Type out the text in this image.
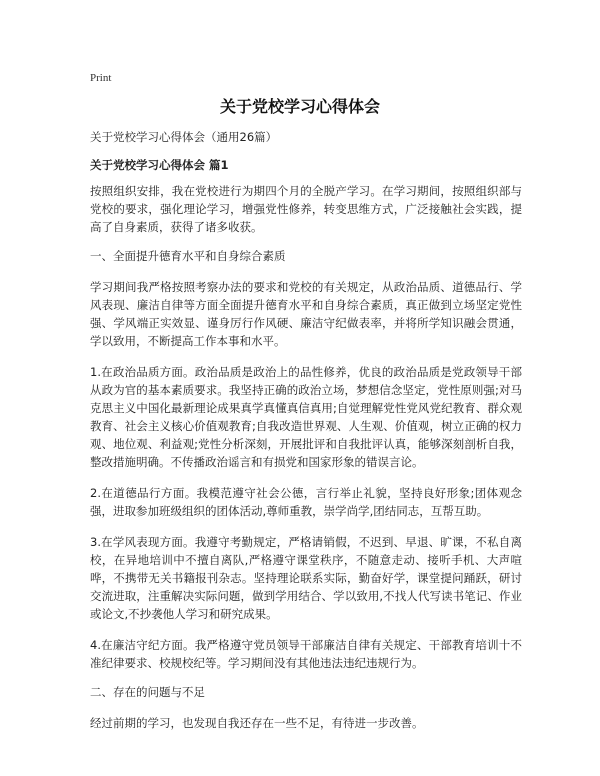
Print
关于党校学习心得体会

关于党校学习心得体会（通用26篇）

关于党校学习心得体会 篇1

按照组织安排，我在党校进行为期四个月的全脱产学习。在学习期间，按照组织部与党校的要求，强化理论学习，增强党性修养，转变思维方式，广泛接触社会实践，提高了自身素质，获得了诸多收获。

一、全面提升德育水平和自身综合素质

学习期间我严格按照考察办法的要求和党校的有关规定，从政治品质、道德品行、学风表现、廉洁自律等方面全面提升德育水平和自身综合素质，真正做到立场坚定党性强、学风端正实效显、谨身厉行作风硬、廉洁守纪做表率，并将所学知识融会贯通，学以致用，不断提高工作本事和水平。

1.在政治品质方面。政治品质是政治上的品性修养，优良的政治品质是党政领导干部从政为官的基本素质要求。我坚持正确的政治立场，梦想信念坚定，党性原则强;对马克思主义中国化最新理论成果真学真懂真信真用;自觉理解党性党风党纪教育、群众观教育、社会主义核心价值观教育;自我改造世界观、人生观、价值观，树立正确的权力观、地位观、利益观;党性分析深刻，开展批评和自我批评认真，能够深刻剖析自我，整改措施明确。不传播政治谣言和有损党和国家形象的错误言论。

2.在道德品行方面。我模范遵守社会公德，言行举止礼貌，坚持良好形象;团体观念强，进取参加班级组织的团体活动,尊师重教，崇学尚学,团结同志，互帮互助。

3.在学风表现方面。我遵守考勤规定，严格请销假，不迟到、早退、旷课，不私自离校，在异地培训中不擅自离队,严格遵守课堂秩序，不随意走动、接听手机、大声喧哗，不携带无关书籍报刊杂志。坚持理论联系实际，勤奋好学，课堂提问踊跃，研讨交流进取，注重解决实际问题，做到学用结合、学以致用,不找人代写读书笔记、作业或论文,不抄袭他人学习和研究成果。

4.在廉洁守纪方面。我严格遵守党员领导干部廉洁自律有关规定、干部教育培训十不准纪律要求、校规校纪等。学习期间没有其他违法违纪违规行为。

二、存在的问题与不足

经过前期的学习，也发现自我还存在一些不足，有待进一步改善。
